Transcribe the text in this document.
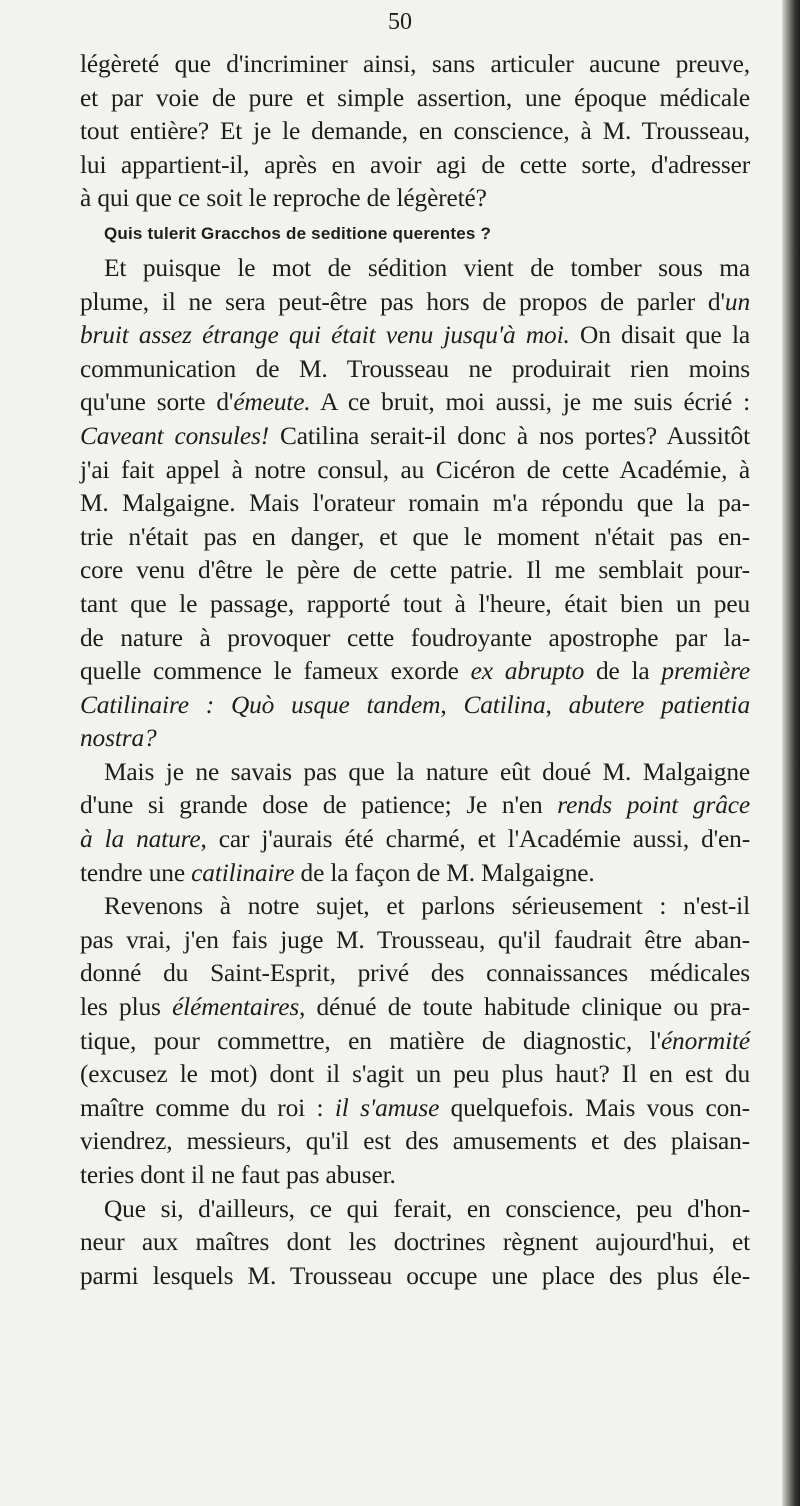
50
légèreté que d'incriminer ainsi, sans articuler aucune preuve,
et par voie de pure et simple assertion, une époque médicale
tout entière? Et je le demande, en conscience, à M. Trousseau,
lui appartient-il, après en avoir agi de cette sorte, d'adresser
à qui que ce soit le reproche de légèreté?
Quis tulerit Gracchos de seditione querentes ?
Et puisque le mot de sédition vient de tomber sous ma
plume, il ne sera peut-être pas hors de propos de parler d'un
bruit assez étrange qui était venu jusqu'à moi. On disait que la
communication de M. Trousseau ne produirait rien moins
qu'une sorte d'émeute. A ce bruit, moi aussi, je me suis écrié :
Caveant consules! Catilina serait-il donc à nos portes? Aussitôt
j'ai fait appel à notre consul, au Cicéron de cette Académie, à
M. Malgaigne. Mais l'orateur romain m'a répondu que la pa-
trie n'était pas en danger, et que le moment n'était pas en-
core venu d'être le père de cette patrie. Il me semblait pour-
tant que le passage, rapporté tout à l'heure, était bien un peu
de nature à provoquer cette foudroyante apostrophe par la-
quelle commence le fameux exorde ex abrupto de la première
Catilinaire : Quò usque tandem, Catilina, abutere patientia
nostra?
Mais je ne savais pas que la nature eût doué M. Malgaigne
d'une si grande dose de patience; Je n'en rends point grâce
à la nature, car j'aurais été charmé, et l'Académie aussi, d'en-
tendre une catilinaire de la façon de M. Malgaigne.
Revenons à notre sujet, et parlons sérieusement : n'est-il
pas vrai, j'en fais juge M. Trousseau, qu'il faudrait être aban-
donné du Saint-Esprit, privé des connaissances médicales
les plus élémentaires, dénué de toute habitude clinique ou pra-
tique, pour commettre, en matière de diagnostic, l'énormité
(excusez le mot) dont il s'agit un peu plus haut? Il en est du
maître comme du roi : il s'amuse quelquefois. Mais vous con-
viendrez, messieurs, qu'il est des amusements et des plaisan-
teries dont il ne faut pas abuser.
Que si, d'ailleurs, ce qui ferait, en conscience, peu d'hon-
neur aux maîtres dont les doctrines règnent aujourd'hui, et
parmi lesquels M. Trousseau occupe une place des plus éle-
